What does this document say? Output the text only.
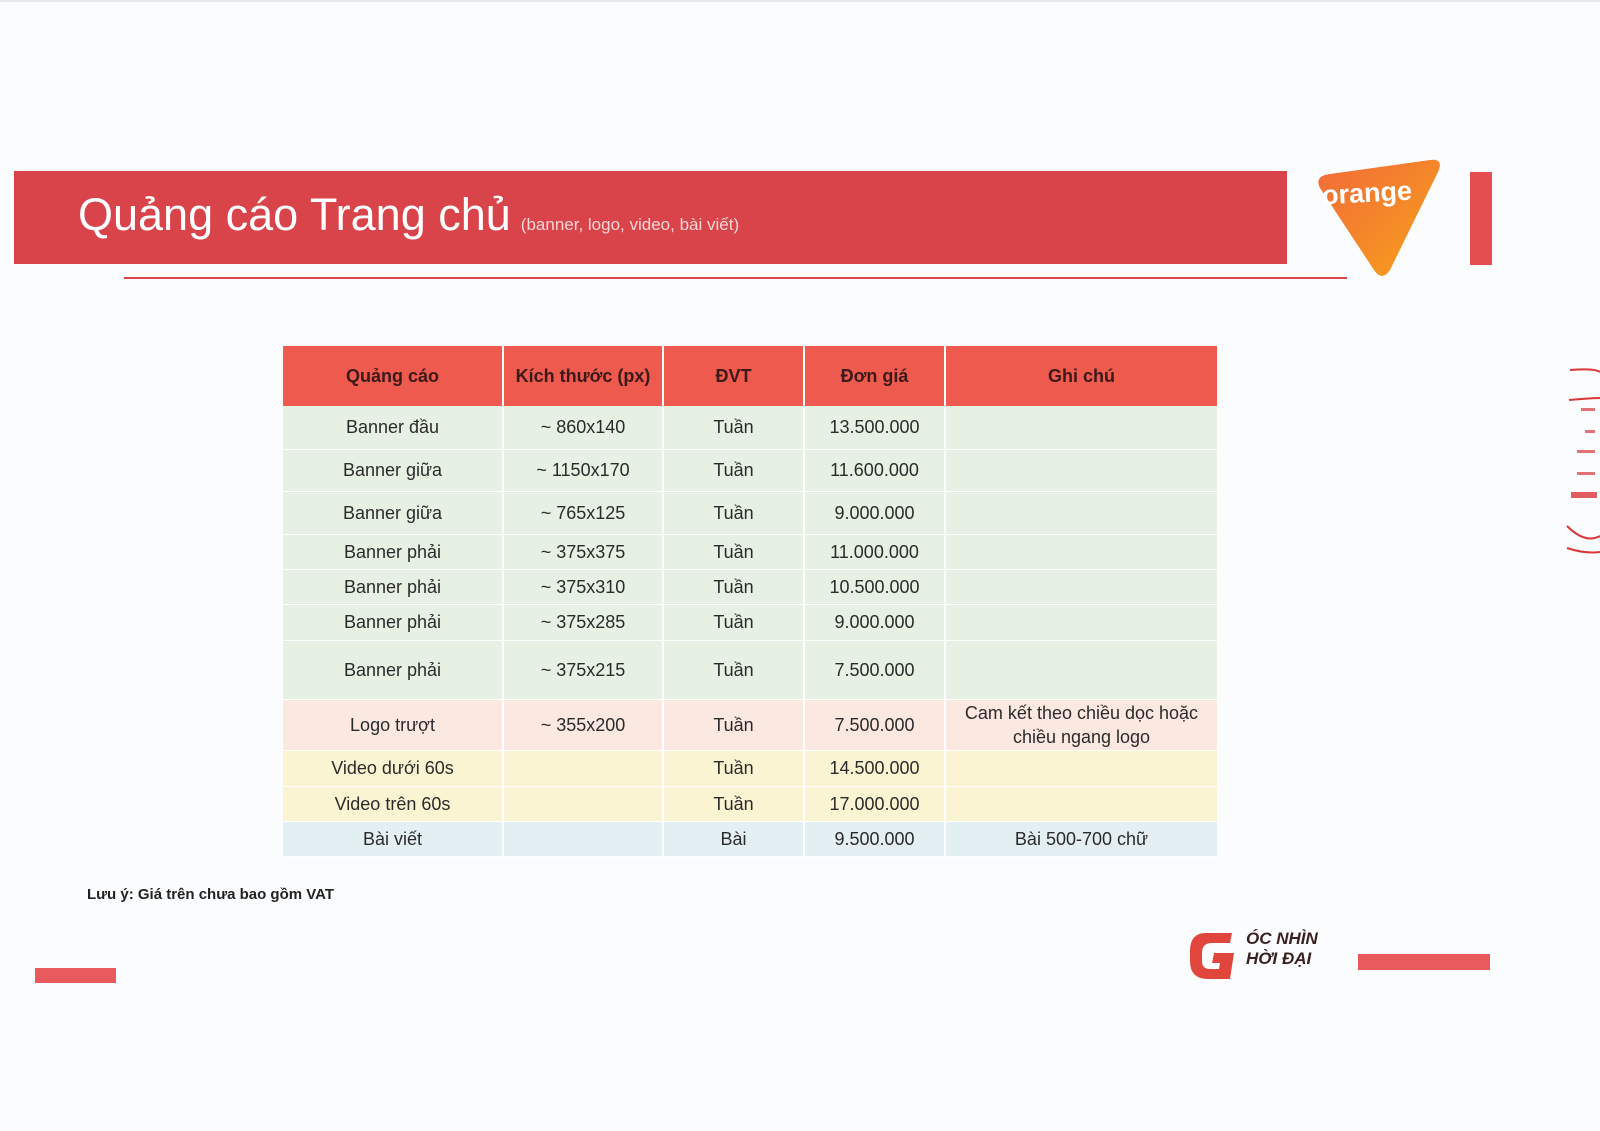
Quảng cáo Trang chủ (banner, logo, video, bài viết)
orange
Quảng cáo	Kích thước (px)	ĐVT	Đơn giá	Ghi chú
Banner đầu	~ 860x140	Tuần	13.500.000	
Banner giữa	~ 1150x170	Tuần	11.600.000	
Banner giữa	~ 765x125	Tuần	9.000.000	
Banner phải	~ 375x375	Tuần	11.000.000	
Banner phải	~ 375x310	Tuần	10.500.000	
Banner phải	~ 375x285	Tuần	9.000.000	
Banner phải	~ 375x215	Tuần	7.500.000	
Logo trượt	~ 355x200	Tuần	7.500.000	Cam kết theo chiều dọc hoặc chiều ngang logo
Video dưới 60s		Tuần	14.500.000	
Video trên 60s		Tuần	17.000.000	
Bài viết		Bài	9.500.000	Bài 500-700 chữ
Lưu ý: Giá trên chưa bao gồm VAT
ÓC NHÌN
HỜI ĐẠI
